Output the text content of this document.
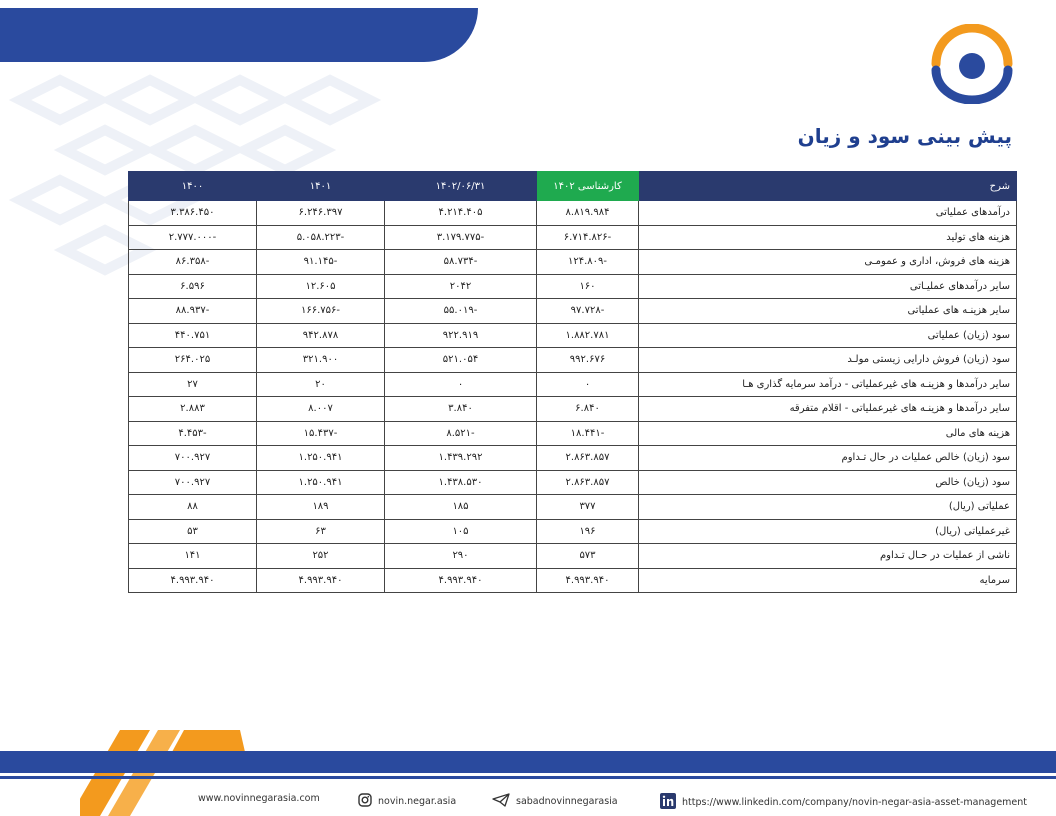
پیش بینی سود و زیان
۱۴۰۰	۱۴۰۱	۱۴۰۲/۰۶/۳۱	کارشناسی ۱۴۰۲	شرح
۳.۳۸۶.۴۵۰	۶.۲۴۶.۳۹۷	۴.۲۱۴.۴۰۵	۸.۸۱۹.۹۸۴	درآمدهای عملیاتی
-۲.۷۷۷.۰۰۰	-۵.۰۵۸.۲۲۳	-۳.۱۷۹.۷۷۵	-۶.۷۱۴.۸۲۶	هزینه های تولید
-۸۶.۳۵۸	-۹۱.۱۴۵	-۵۸.۷۳۴	-۱۲۴.۸۰۹	هزینه های فروش، اداری و عمومـی
۶.۵۹۶	۱۲.۶۰۵	۲۰۴۲	۱۶۰	سایر درآمدهای عملیـاتی
-۸۸.۹۳۷	-۱۶۶.۷۵۶	-۵۵.۰۱۹	-۹۷.۷۲۸	سایر هزینـه های عملیاتی
۴۴۰.۷۵۱	۹۴۲.۸۷۸	۹۲۲.۹۱۹	۱.۸۸۲.۷۸۱	سود (زیان) عملیاتی
۲۶۴.۰۲۵	۳۲۱.۹۰۰	۵۲۱.۰۵۴	۹۹۲.۶۷۶	سود (زیان) فروش دارایی زیستی مولـد
۲۷	۲۰	۰	۰	سایر درآمدها و هزینـه های غیرعملیاتی - درآمد سرمایه گذاری هـا
۲.۸۸۳	۸.۰۰۷	۳.۸۴۰	۶.۸۴۰	سایر درآمدها و هزینـه های غیرعملیاتی - اقلام متفرقه
-۴.۴۵۳	-۱۵.۴۳۷	-۸.۵۲۱	-۱۸.۴۴۱	هزینه های مالی
۷۰۰.۹۲۷	۱.۲۵۰.۹۴۱	۱.۴۳۹.۲۹۲	۲.۸۶۳.۸۵۷	سود (زیان) خالص عملیات در حال تـداوم
۷۰۰.۹۲۷	۱.۲۵۰.۹۴۱	۱.۴۳۸.۵۳۰	۲.۸۶۳.۸۵۷	سود (زیان) خالص
۸۸	۱۸۹	۱۸۵	۳۷۷	عملیاتی (ریال)
۵۳	۶۳	۱۰۵	۱۹۶	غیرعملیاتی (ریال)
۱۴۱	۲۵۲	۲۹۰	۵۷۳	ناشی از عملیات در حـال تـداوم
۴.۹۹۳.۹۴۰	۴.۹۹۳.۹۴۰	۴.۹۹۳.۹۴۰	۴.۹۹۳.۹۴۰	سرمایه
www.novinnegarasia.com	novin.negar.asia	sabadnovinnegarasia	https://www.linkedin.com/company/novin-negar-asia-asset-management
